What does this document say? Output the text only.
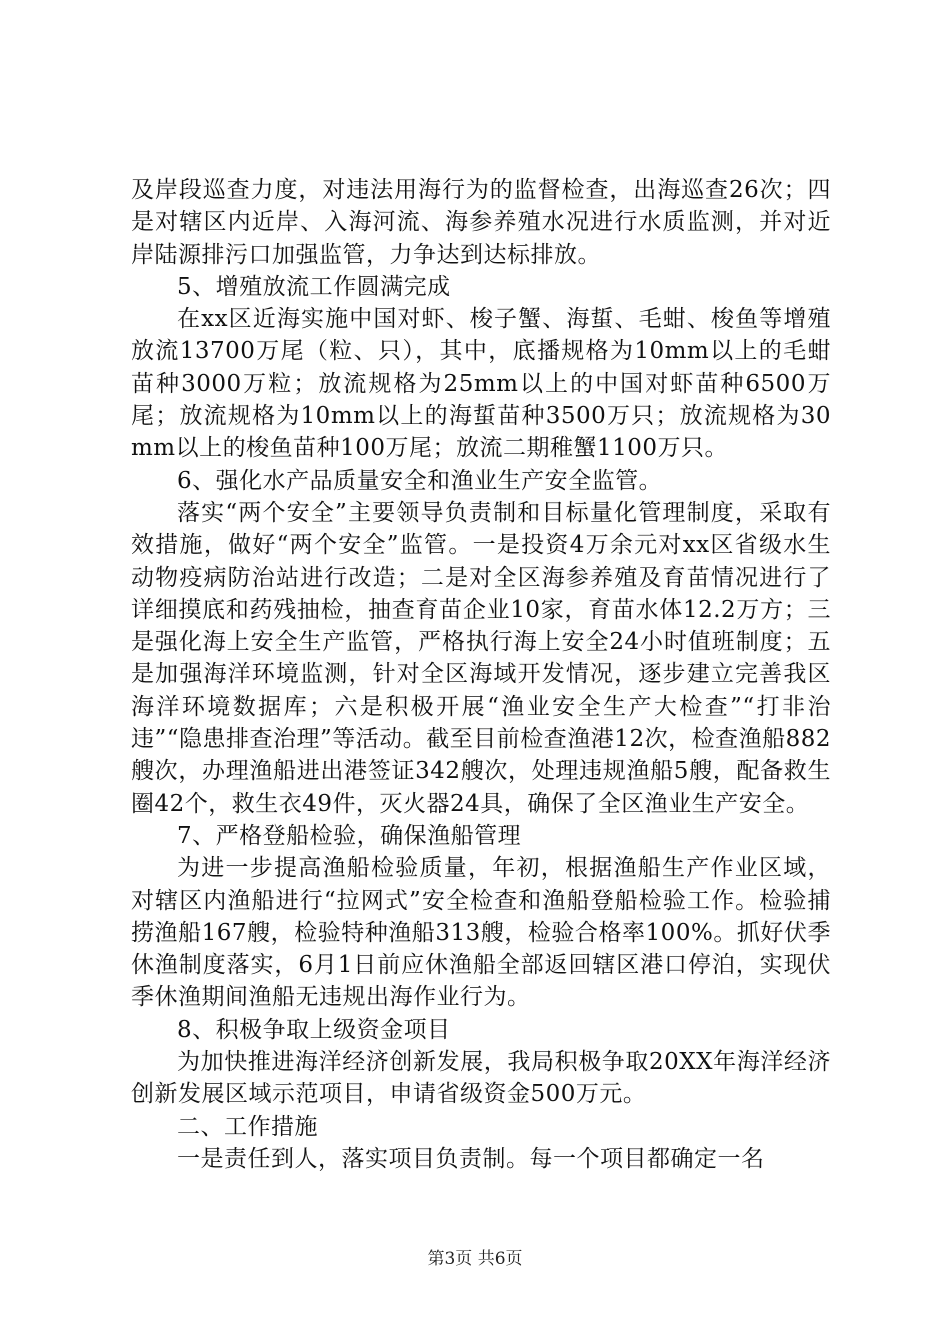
及岸段巡查力度，对违法用海行为的监督检查，出海巡查26次；四是对辖区内近岸、入海河流、海参养殖水况进行水质监测，并对近岸陆源排污口加强监管，力争达到达标排放。

5、增殖放流工作圆满完成

在xx区近海实施中国对虾、梭子蟹、海蜇、毛蚶、梭鱼等增殖放流13700万尾（粒、只），其中，底播规格为10mm以上的毛蚶苗种3000万粒；放流规格为25mm以上的中国对虾苗种6500万尾；放流规格为10mm以上的海蜇苗种3500万只；放流规格为30mm以上的梭鱼苗种100万尾；放流二期稚蟹1100万只。

6、强化水产品质量安全和渔业生产安全监管。

落实“两个安全”主要领导负责制和目标量化管理制度，采取有效措施，做好“两个安全”监管。一是投资4万余元对xx区省级水生动物疫病防治站进行改造；二是对全区海参养殖及育苗情况进行了详细摸底和药残抽检，抽查育苗企业10家，育苗水体12.2万方；三是强化海上安全生产监管，严格执行海上安全24小时值班制度；五是加强海洋环境监测，针对全区海域开发情况，逐步建立完善我区海洋环境数据库；六是积极开展“渔业安全生产大检查”“打非治违”“隐患排查治理”等活动。截至目前检查渔港12次，检查渔船882艘次，办理渔船进出港签证342艘次，处理违规渔船5艘，配备救生圈42个，救生衣49件，灭火器24具，确保了全区渔业生产安全。

7、严格登船检验，确保渔船管理

为进一步提高渔船检验质量，年初，根据渔船生产作业区域，对辖区内渔船进行“拉网式”安全检查和渔船登船检验工作。检验捕捞渔船167艘，检验特种渔船313艘，检验合格率100%。抓好伏季休渔制度落实，6月1日前应休渔船全部返回辖区港口停泊，实现伏季休渔期间渔船无违规出海作业行为。

8、积极争取上级资金项目

为加快推进海洋经济创新发展，我局积极争取20XX年海洋经济创新发展区域示范项目，申请省级资金500万元。

二、工作措施

一是责任到人，落实项目负责制。每一个项目都确定一名

第3页 共6页
